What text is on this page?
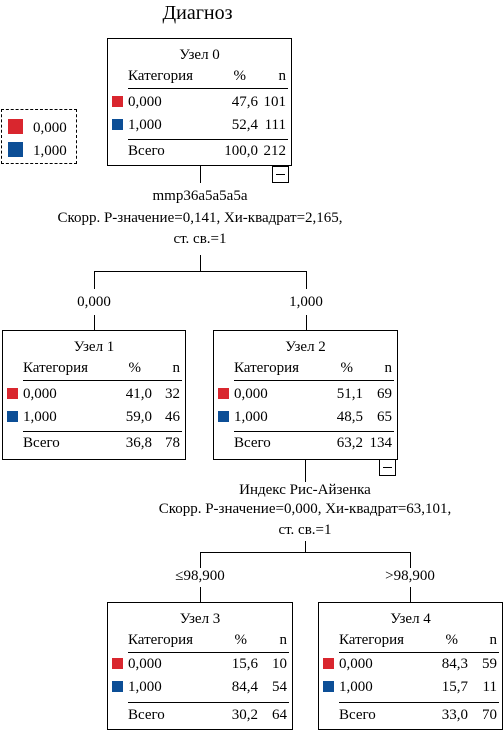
Диагноз
0,000
1,000
mmp36a5a5a5a
Скорр. Р-значение=0,141, Хи-квадрат=2,165,
ст. св.=1
0,000	1,000
Индекс Рис-Айзенка
Скорр. Р-значение=0,000, Хи-квадрат=63,101,
ст. св.=1
≤98,900	>98,900
Узел 0
Категория	%	n
0,000	47,6 101
1,000	52,4 111
Всего	100,0 212
Узел 1
Категория	%	n
0,000	41,0 32
1,000	59,0 46
Всего	36,8 78
Узел 2
Категория	%	n
0,000	51,1 69
1,000	48,5 65
Всего	63,2 134
Узел 3
Категория	%	n
0,000	15,6 10
1,000	84,4 54
Всего	30,2 64
Узел 4
Категория	%	n
0,000	84,3 59
1,000	15,7 11
Всего	33,0 70
